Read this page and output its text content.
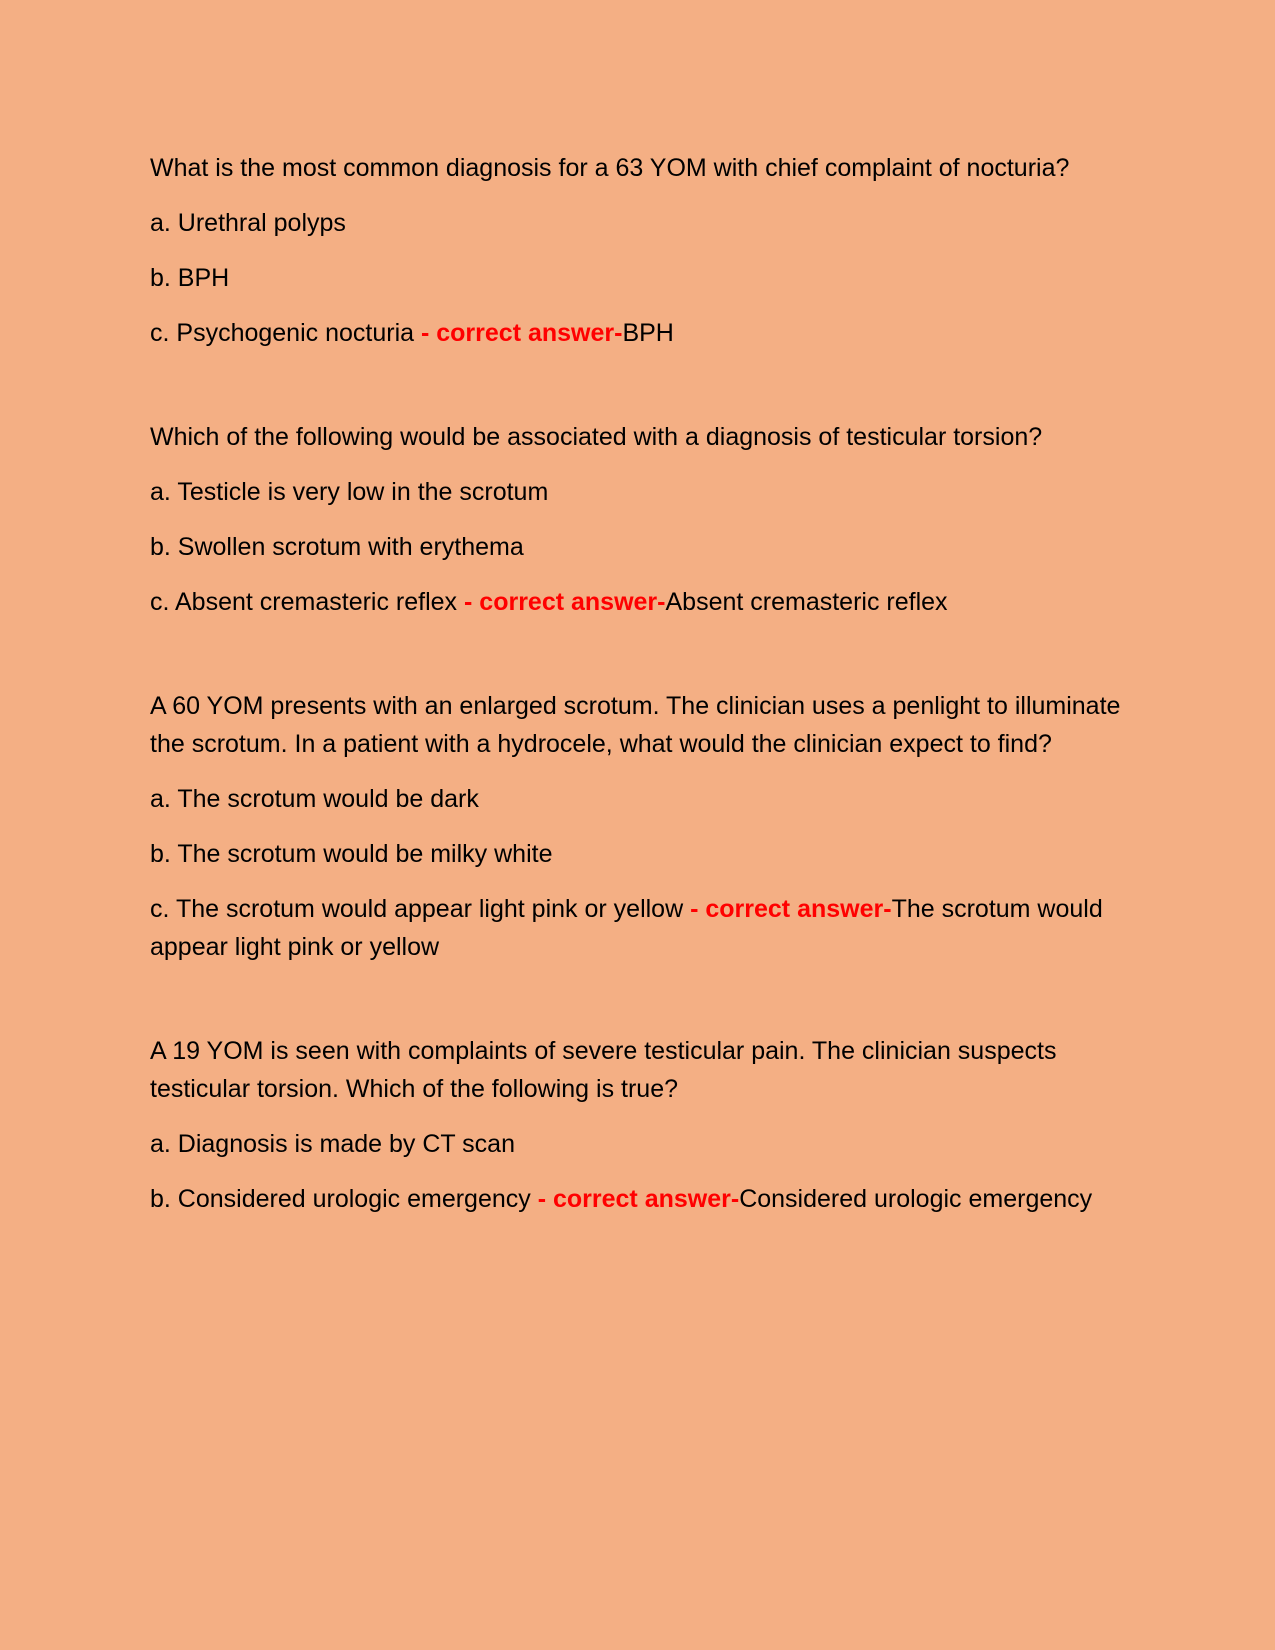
What is the most common diagnosis for a 63 YOM with chief complaint of nocturia?

a. Urethral polyps

b. BPH

c. Psychogenic nocturia - correct answer-BPH

Which of the following would be associated with a diagnosis of testicular torsion?

a. Testicle is very low in the scrotum

b. Swollen scrotum with erythema

c. Absent cremasteric reflex - correct answer-Absent cremasteric reflex

A 60 YOM presents with an enlarged scrotum. The clinician uses a penlight to illuminate the scrotum. In a patient with a hydrocele, what would the clinician expect to find?

a. The scrotum would be dark

b. The scrotum would be milky white

c. The scrotum would appear light pink or yellow - correct answer-The scrotum would appear light pink or yellow

A 19 YOM is seen with complaints of severe testicular pain. The clinician suspects testicular torsion. Which of the following is true?

a. Diagnosis is made by CT scan

b. Considered urologic emergency - correct answer-Considered urologic emergency
